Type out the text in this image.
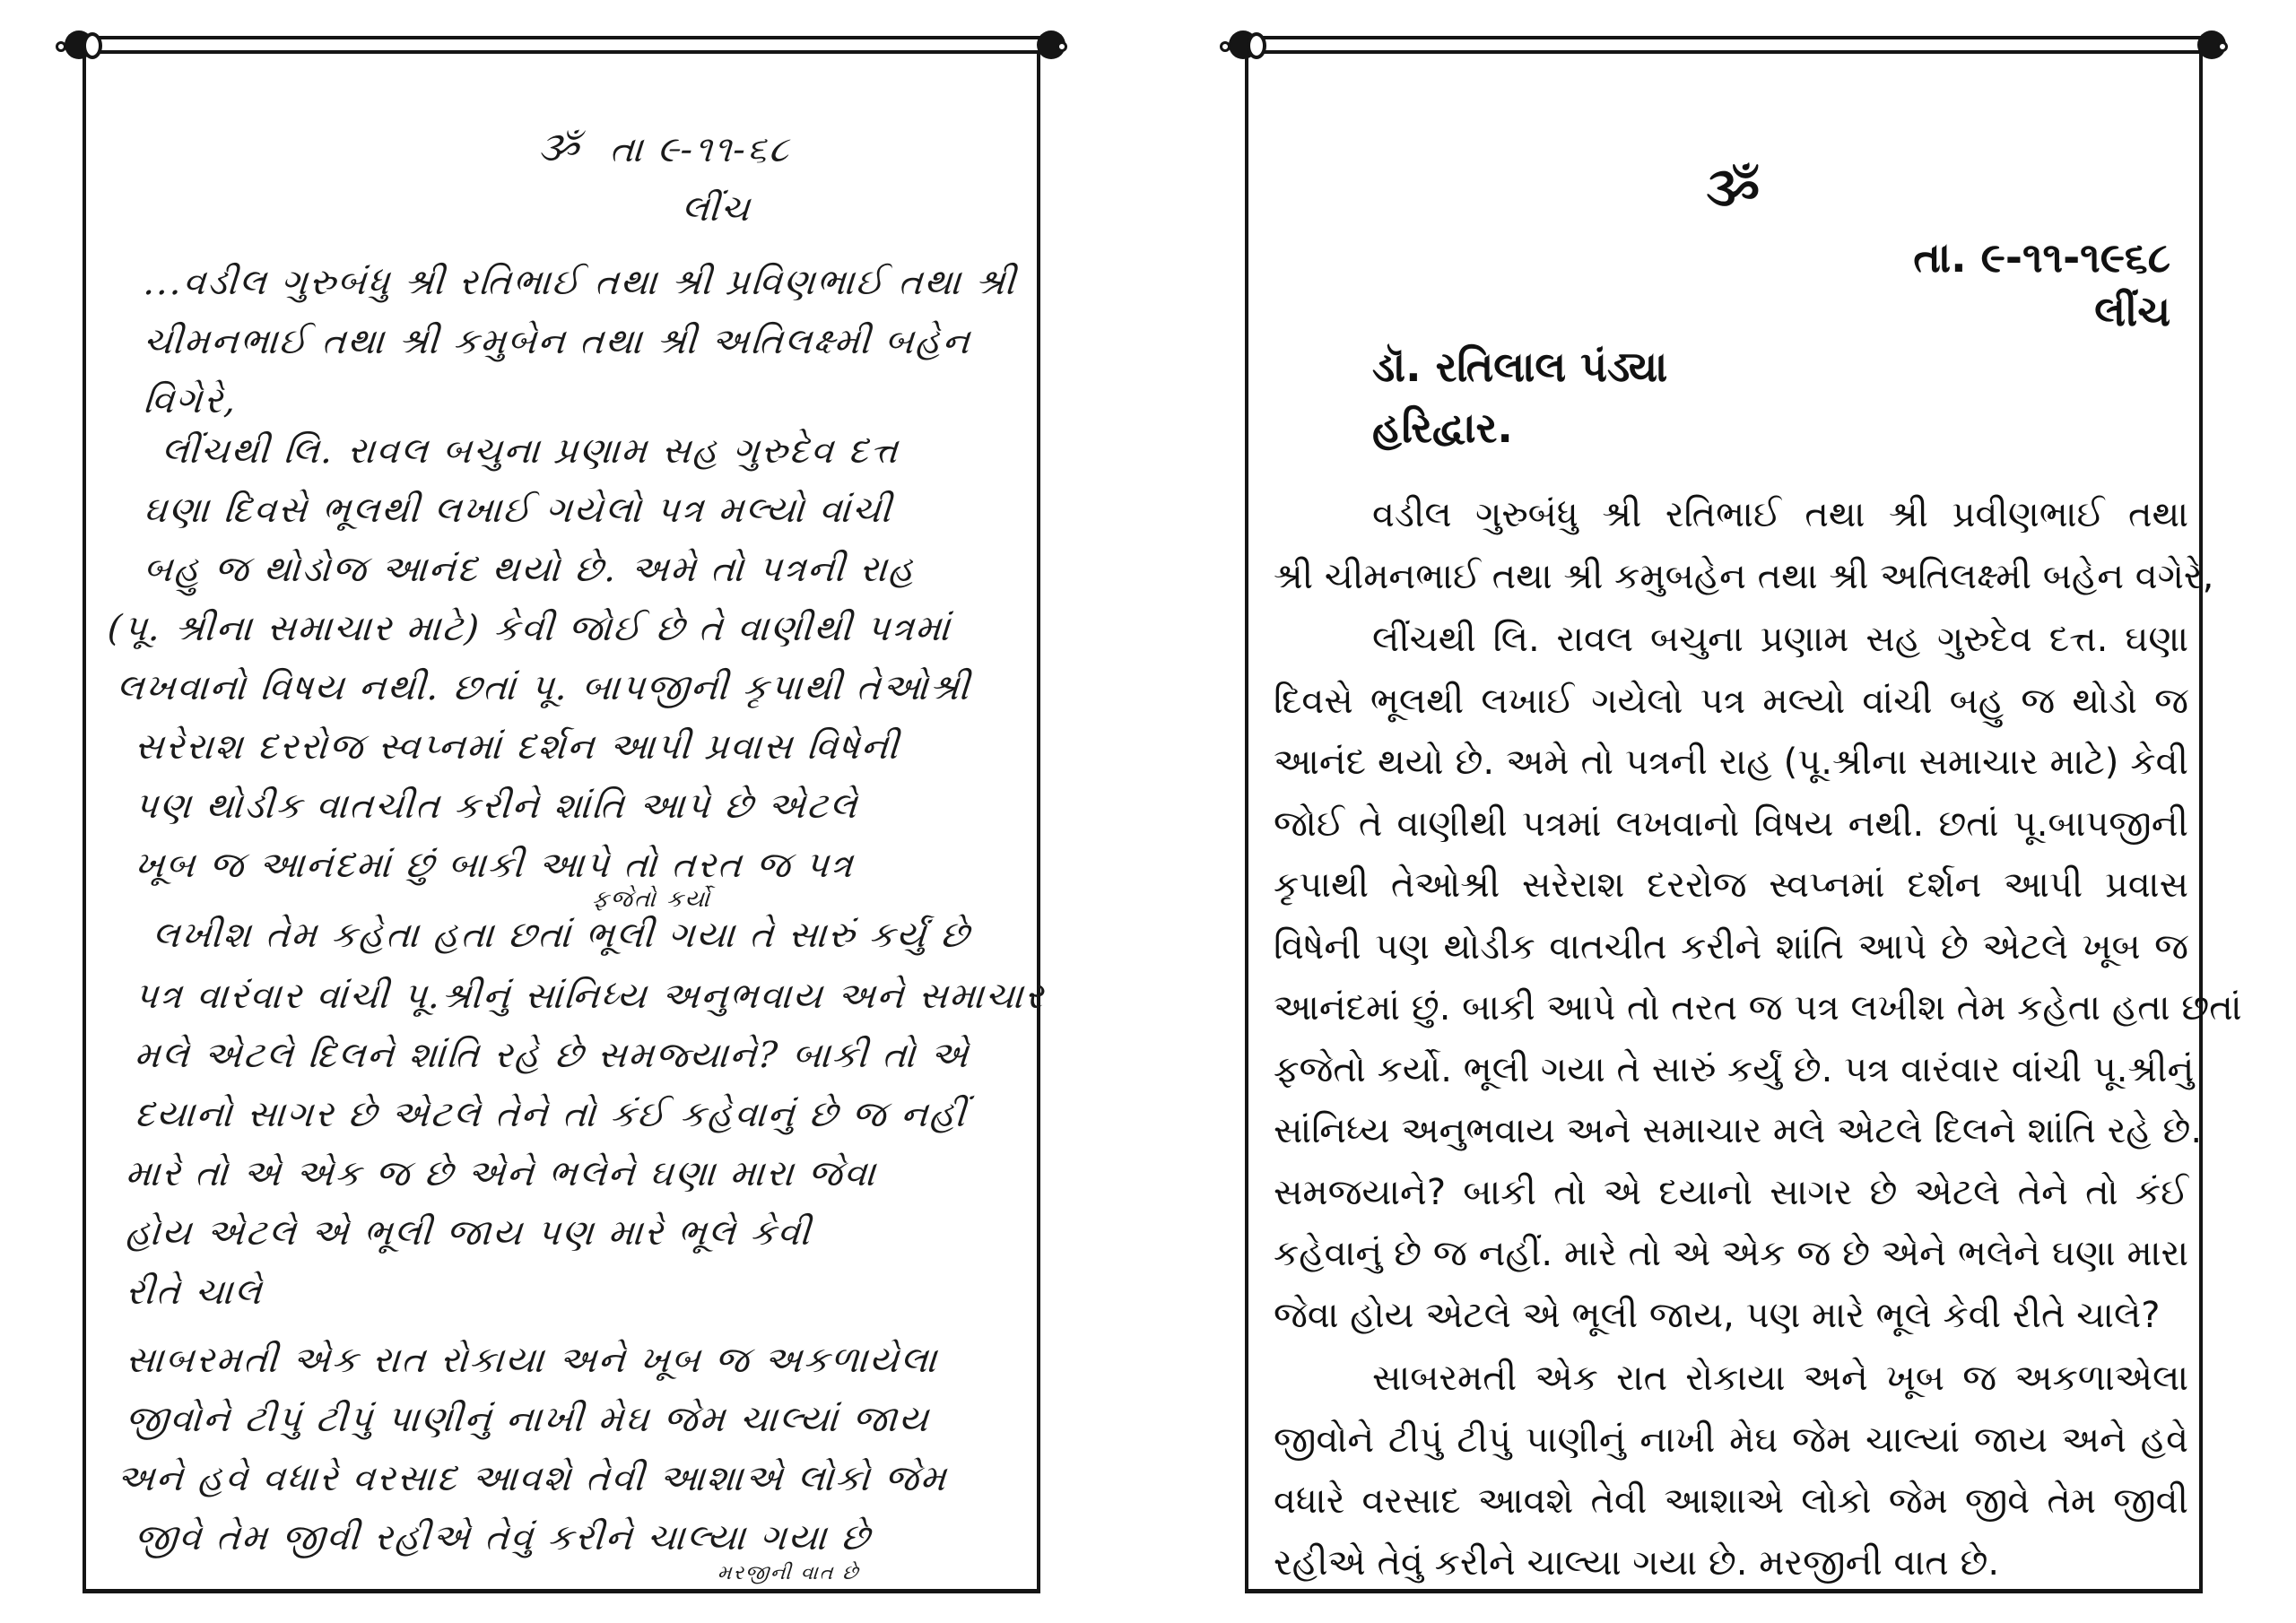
ૐ તા ૯-૧૧-૬૮
લીંચ
...વડીલ ગુરુબંધુ શ્રી રતિભાઈ તથા શ્રી પ્રવિણભાઈ તથા શ્રી
ચીમનભાઈ તથા શ્રી કમુબેન તથા શ્રી અતિલક્ષ્મી બહેન
વિગેરે,
લીંચથી લિ. રાવલ બચુના પ્રણામ સહ ગુરુદેવ દત્ત
ઘણા દિવસે ભૂલથી લખાઈ ગયેલો પત્ર મલ્યો વાંચી
બહુ જ થોડોજ આનંદ થયો છે. અમે તો પત્રની રાહ
(પૂ. શ્રીના સમાચાર માટે) કેવી જોઈ છે તે વાણીથી પત્રમાં
લખવાનો વિષય નથી. છતાં પૂ. બાપજીની કૃપાથી તેઓશ્રી
સરેરાશ દરરોજ સ્વપ્નમાં દર્શન આપી પ્રવાસ વિષેની
પણ થોડીક વાતચીત કરીને શાંતિ આપે છે એટલે
ખૂબ જ આનંદમાં છું બાકી આપે તો તરત જ પત્ર
ફજેતો કર્યો
લખીશ તેમ કહેતા હતા છતાં ભૂલી ગયા તે સારું કર્યું છે
પત્ર વારંવાર વાંચી પૂ.શ્રીનું સાંનિધ્ય અનુભવાય અને સમાચાર
મલે એટલે દિલને શાંતિ રહે છે સમજ્યાને? બાકી તો એ
દયાનો સાગર છે એટલે તેને તો કંઈ કહેવાનું છે જ નહીં
મારે તો એ એક જ છે એને ભલેને ઘણા મારા જેવા
હોય એટલે એ ભૂલી જાય પણ મારે ભૂલે કેવી
રીતે ચાલે
સાબરમતી એક રાત રોકાયા અને ખૂબ જ અકળાયેલા
જીવોને ટીપું ટીપું પાણીનું નાખી મેઘ જેમ ચાલ્યાં જાય
અને હવે વધારે વરસાદ આવશે તેવી આશાએ લોકો જેમ
જીવે તેમ જીવી રહીએ તેવું કરીને ચાલ્યા ગયા છે
મરજીની વાત છે
ૐ
તા. ૯-૧૧-૧૯૬૮
લીંચ
ડૉ. રતિલાલ પંડ્યા
હરિદ્વાર.
વડીલ ગુરુબંધુ શ્રી રતિભાઈ તથા શ્રી પ્રવીણભાઈ તથા
શ્રી ચીમનભાઈ તથા શ્રી કમુબહેન તથા શ્રી અતિલક્ષ્મી બહેન વગેરે,
લીંચથી લિ. રાવલ બચુના પ્રણામ સહ ગુરુદેવ દત્ત. ઘણા
દિવસે ભૂલથી લખાઈ ગયેલો પત્ર મલ્યો વાંચી બહુ જ થોડો જ
આનંદ થયો છે. અમે તો પત્રની રાહ (પૂ.શ્રીના સમાચાર માટે) કેવી
જોઈ તે વાણીથી પત્રમાં લખવાનો વિષય નથી. છતાં પૂ.બાપજીની
કૃપાથી તેઓશ્રી સરેરાશ દરરોજ સ્વપ્નમાં દર્શન આપી પ્રવાસ
વિષેની પણ થોડીક વાતચીત કરીને શાંતિ આપે છે એટલે ખૂબ જ
આનંદમાં છું. બાકી આપે તો તરત જ પત્ર લખીશ તેમ કહેતા હતા છતાં
ફજેતો કર્યો. ભૂલી ગયા તે સારું કર્યું છે. પત્ર વારંવાર વાંચી પૂ.શ્રીનું
સાંનિધ્ય અનુભવાય અને સમાચાર મલે એટલે દિલને શાંતિ રહે છે.
સમજયાને? બાકી તો એ દયાનો સાગર છે એટલે તેને તો કંઈ
કહેવાનું છે જ નહીં. મારે તો એ એક જ છે એને ભલેને ઘણા મારા
જેવા હોય એટલે એ ભૂલી જાય, પણ મારે ભૂલે કેવી રીતે ચાલે?
સાબરમતી એક રાત રોકાયા અને ખૂબ જ અકળાએલા
જીવોને ટીપું ટીપું પાણીનું નાખી મેઘ જેમ ચાલ્યાં જાય અને હવે
વધારે વરસાદ આવશે તેવી આશાએ લોકો જેમ જીવે તેમ જીવી
રહીએ તેવું કરીને ચાલ્યા ગયા છે. મરજીની વાત છે.
